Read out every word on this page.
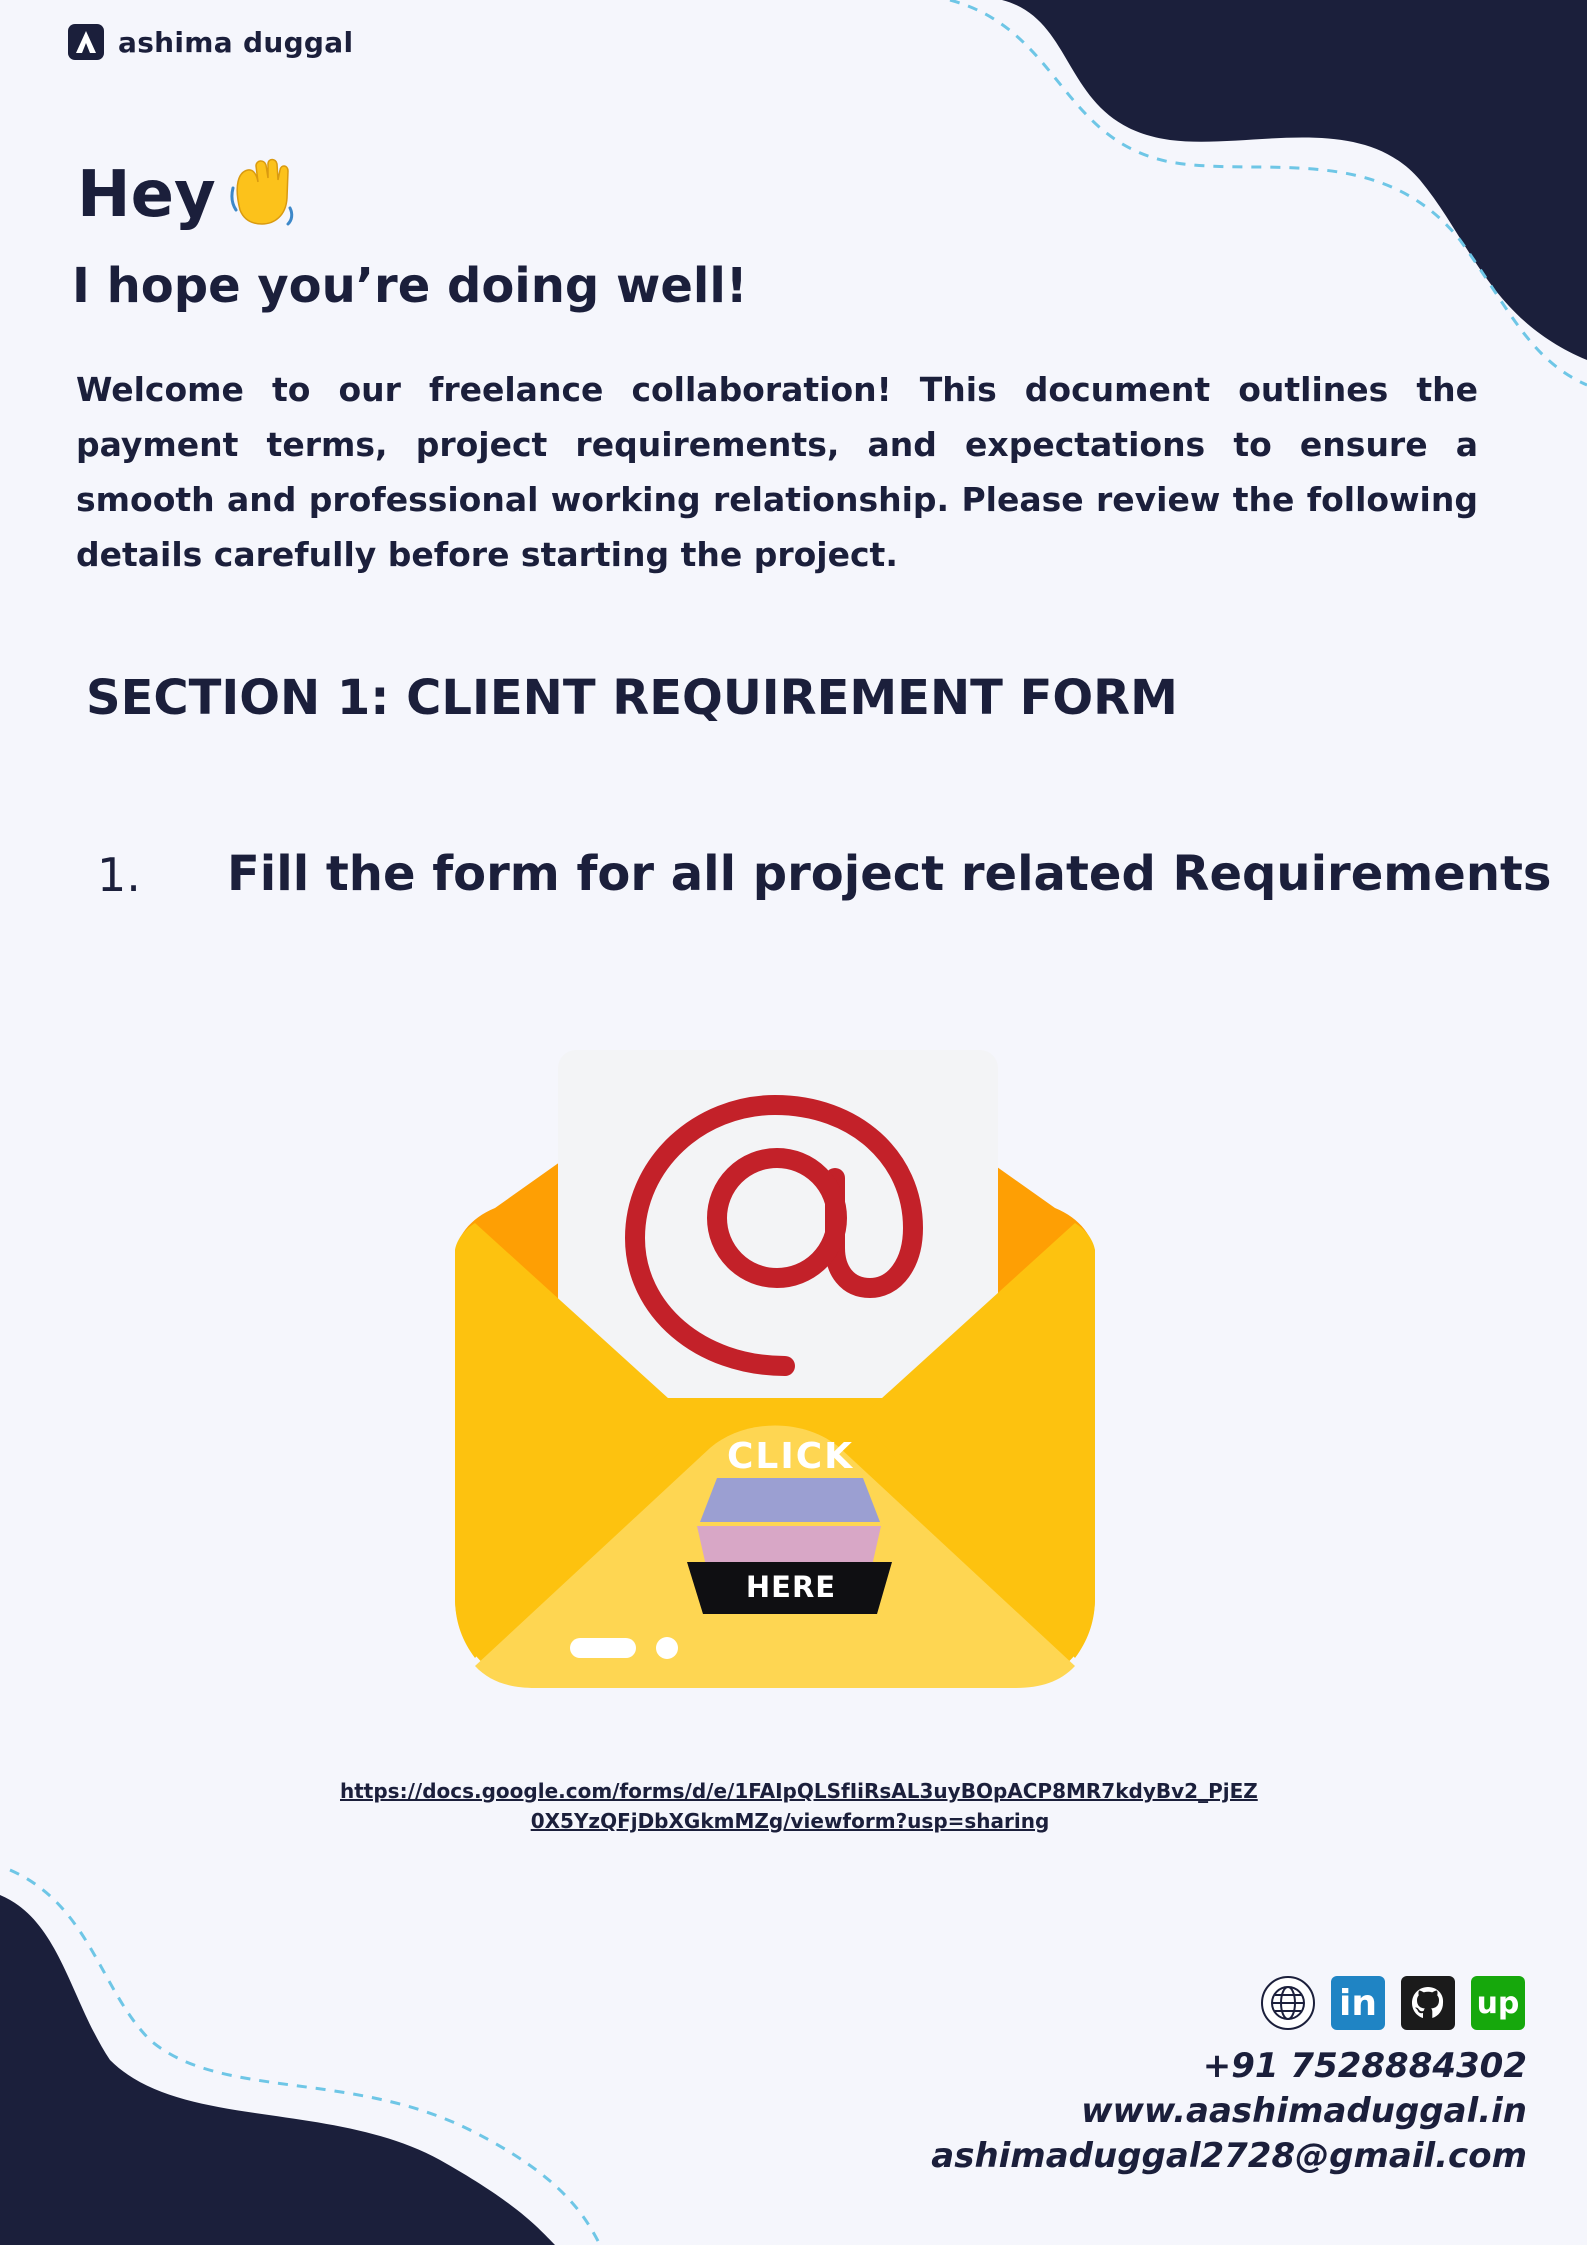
ashima duggal
Hey
I hope you’re doing well!

Welcome to our freelance collaboration! This document outlines the payment terms, project requirements, and expectations to ensure a smooth and professional working relationship. Please review the following details carefully before starting the project.

SECTION 1: CLIENT REQUIREMENT FORM
1. Fill the form for all project related Requirements
CLICK
HERE
https://docs.google.com/forms/d/e/1FAIpQLSfIiRsAL3uyBOpACP8MR7kdyBv2_PjEZ
0X5YzQFjDbXGkmMZg/viewform?usp=sharing
in	up
+91 7528884302
www.aashimaduggal.in
ashimaduggal2728@gmail.com
